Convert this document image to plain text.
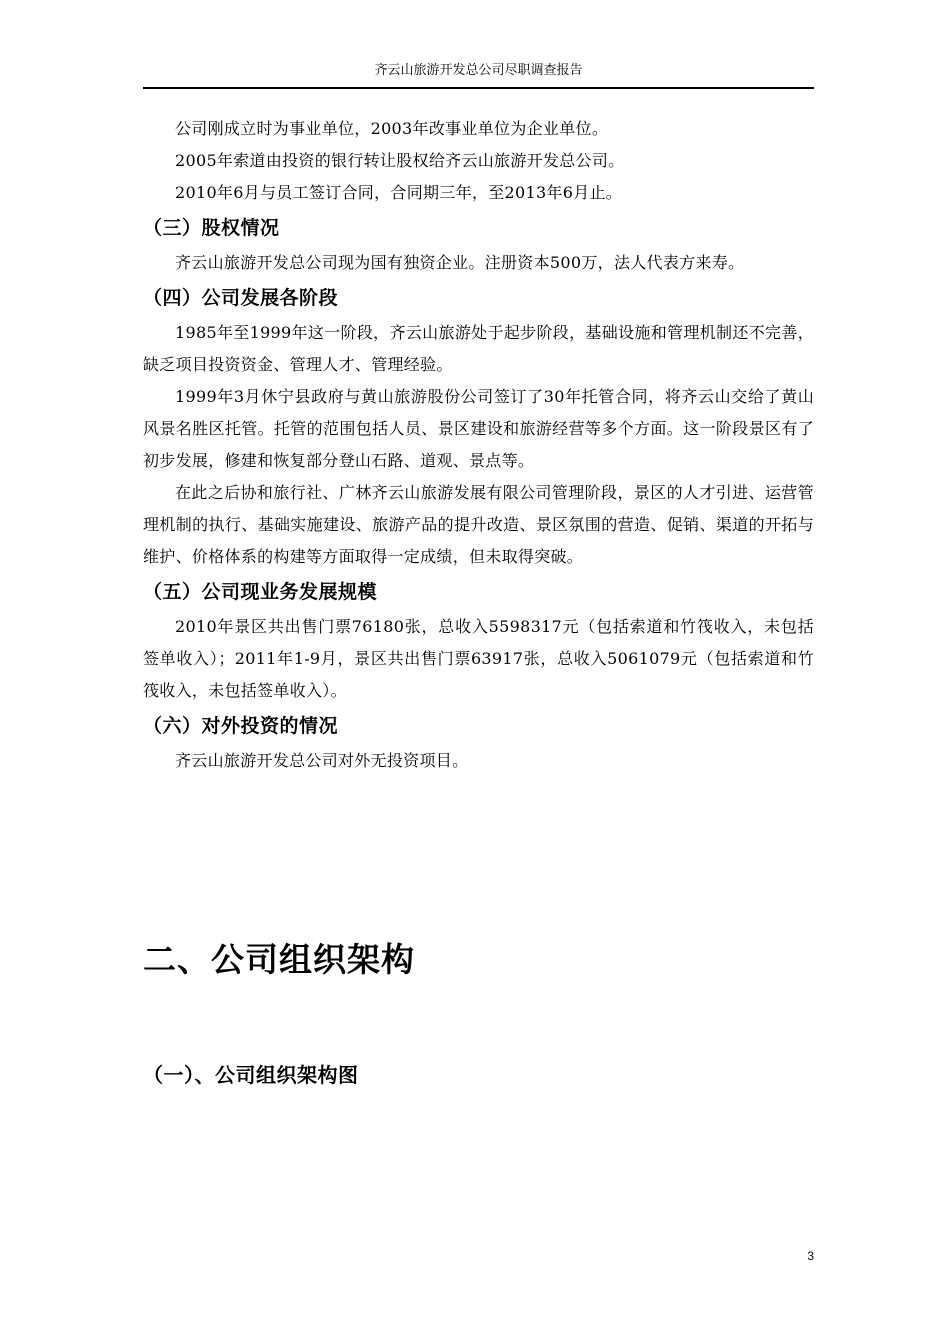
齐云山旅游开发总公司尽职调查报告

公司刚成立时为事业单位，2003年改事业单位为企业单位。

2005年索道由投资的银行转让股权给齐云山旅游开发总公司。

2010年6月与员工签订合同，合同期三年，至2013年6月止。

（三）股权情况

齐云山旅游开发总公司现为国有独资企业。注册资本500万，法人代表方来寿。

（四）公司发展各阶段

1985年至1999年这一阶段，齐云山旅游处于起步阶段，基础设施和管理机制还不完善，缺乏项目投资资金、管理人才、管理经验。

1999年3月休宁县政府与黄山旅游股份公司签订了30年托管合同，将齐云山交给了黄山风景名胜区托管。托管的范围包括人员、景区建设和旅游经营等多个方面。这一阶段景区有了初步发展，修建和恢复部分登山石路、道观、景点等。

在此之后协和旅行社、广林齐云山旅游发展有限公司管理阶段，景区的人才引进、运营管理机制的执行、基础实施建设、旅游产品的提升改造、景区氛围的营造、促销、渠道的开拓与维护、价格体系的构建等方面取得一定成绩，但未取得突破。

（五）公司现业务发展规模

2010年景区共出售门票76180张，总收入5598317元（包括索道和竹筏收入，未包括签单收入）；2011年1-9月，景区共出售门票63917张，总收入5061079元（包括索道和竹筏收入，未包括签单收入）。

（六）对外投资的情况

齐云山旅游开发总公司对外无投资项目。

二、公司组织架构
（一）、公司组织架构图
3
